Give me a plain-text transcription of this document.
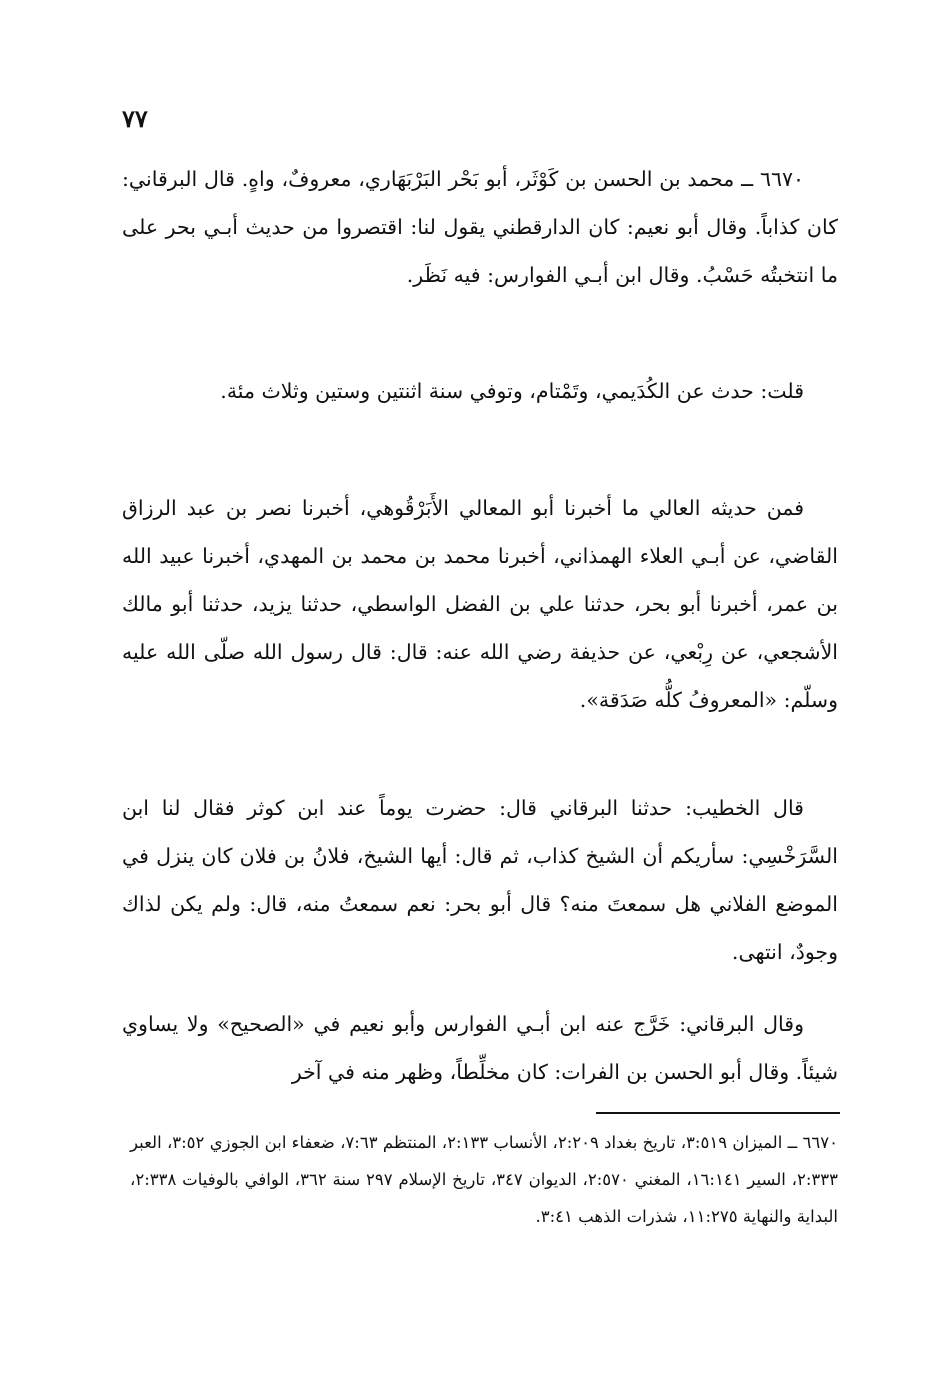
٧٧

٦٦٧٠ ــ محمد بن الحسن بن كَوْثَر، أبو بَحْر البَرْبَهَاري، معروفٌ، واهٍ. قال البرقاني: كان كذاباً. وقال أبو نعيم: كان الدارقطني يقول لنا: اقتصروا من حديث أبـي بحر على ما انتخبتُه حَسْبُ. وقال ابن أبـي الفوارس: فيه نَظَر.

قلت: حدث عن الكُدَيمي، وتَمْتام، وتوفي سنة اثنتين وستين وثلاث مئة.

فمن حديثه العالي ما أخبرنا أبو المعالي الأَبَرْقُوهي، أخبرنا نصر بن عبد الرزاق القاضي، عن أبـي العلاء الهمذاني، أخبرنا محمد بن محمد بن المهدي، أخبرنا عبيد الله بن عمر، أخبرنا أبو بحر، حدثنا علي بن الفضل الواسطي، حدثنا يزيد، حدثنا أبو مالك الأشجعي، عن رِبْعي، عن حذيفة رضي الله عنه: قال: قال رسول الله صلّى الله عليه وسلّم: «المعروفُ كلُّه صَدَقة».

قال الخطيب: حدثنا البرقاني قال: حضرت يوماً عند ابن كوثر فقال لنا ابن السَّرَخْسِي: سأريكم أن الشيخ كذاب، ثم قال: أيها الشيخ، فلانُ بن فلان كان ينزل في الموضع الفلاني هل سمعتَ منه؟ قال أبو بحر: نعم سمعتُ منه، قال: ولم يكن لذاك وجودٌ، انتهى.

وقال البرقاني: خَرَّج عنه ابن أبـي الفوارس وأبو نعيم في «الصحيح» ولا يساوي شيئاً. وقال أبو الحسن بن الفرات: كان مخلِّطاً، وظهر منه في آخر

٦٦٧٠ ــ الميزان ٣:٥١٩، تاريخ بغداد ٢:٢٠٩، الأنساب ٢:١٣٣، المنتظم ٧:٦٣، ضعفاء ابن الجوزي ٣:٥٢، العبر ٢:٣٣٣، السير ١٦:١٤١، المغني ٢:٥٧٠، الديوان ٣٤٧، تاريخ الإسلام ٢٩٧ سنة ٣٦٢، الوافي بالوفيات ٢:٣٣٨، البداية والنهاية ١١:٢٧٥، شذرات الذهب ٣:٤١.
